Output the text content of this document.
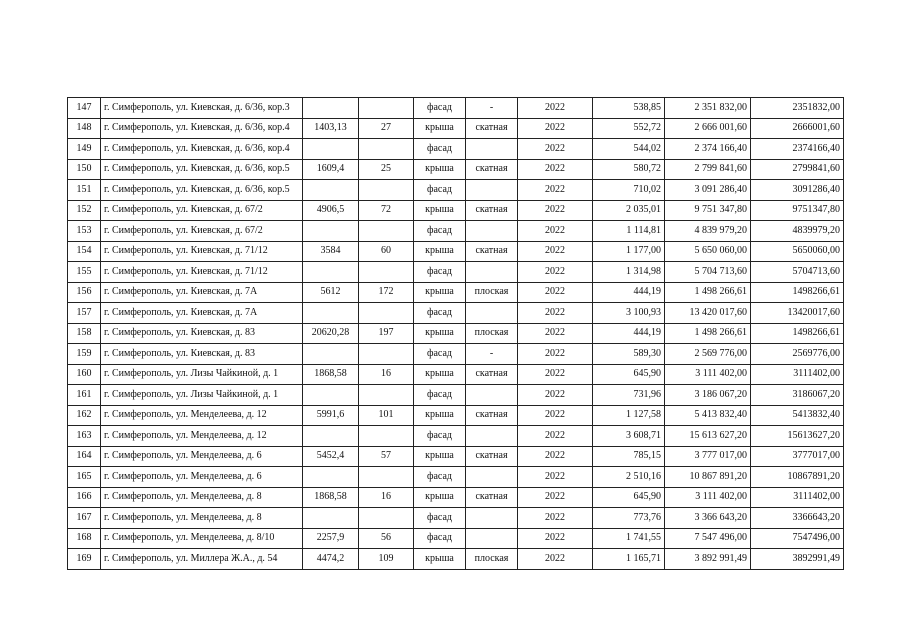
147	г. Симферополь, ул. Киевская, д. 6/36, кор.3			фасад	-	2022	538,85	2 351 832,00	2351832,00
148	г. Симферополь, ул. Киевская, д. 6/36, кор.4	1403,13	27	крыша	скатная	2022	552,72	2 666 001,60	2666001,60
149	г. Симферополь, ул. Киевская, д. 6/36, кор.4			фасад		2022	544,02	2 374 166,40	2374166,40
150	г. Симферополь, ул. Киевская, д. 6/36, кор.5	1609,4	25	крыша	скатная	2022	580,72	2 799 841,60	2799841,60
151	г. Симферополь, ул. Киевская, д. 6/36, кор.5			фасад		2022	710,02	3 091 286,40	3091286,40
152	г. Симферополь, ул. Киевская, д. 67/2	4906,5	72	крыша	скатная	2022	2 035,01	9 751 347,80	9751347,80
153	г. Симферополь, ул. Киевская, д. 67/2			фасад		2022	1 114,81	4 839 979,20	4839979,20
154	г. Симферополь, ул. Киевская, д. 71/12	3584	60	крыша	скатная	2022	1 177,00	5 650 060,00	5650060,00
155	г. Симферополь, ул. Киевская, д. 71/12			фасад		2022	1 314,98	5 704 713,60	5704713,60
156	г. Симферополь, ул. Киевская, д. 7А	5612	172	крыша	плоская	2022	444,19	1 498 266,61	1498266,61
157	г. Симферополь, ул. Киевская, д. 7А			фасад		2022	3 100,93	13 420 017,60	13420017,60
158	г. Симферополь, ул. Киевская, д. 83	20620,28	197	крыша	плоская	2022	444,19	1 498 266,61	1498266,61
159	г. Симферополь, ул. Киевская, д. 83			фасад	-	2022	589,30	2 569 776,00	2569776,00
160	г. Симферополь, ул. Лизы Чайкиной, д. 1	1868,58	16	крыша	скатная	2022	645,90	3 111 402,00	3111402,00
161	г. Симферополь, ул. Лизы Чайкиной, д. 1			фасад		2022	731,96	3 186 067,20	3186067,20
162	г. Симферополь, ул. Менделеева, д. 12	5991,6	101	крыша	скатная	2022	1 127,58	5 413 832,40	5413832,40
163	г. Симферополь, ул. Менделеева, д. 12			фасад		2022	3 608,71	15 613 627,20	15613627,20
164	г. Симферополь, ул. Менделеева, д. 6	5452,4	57	крыша	скатная	2022	785,15	3 777 017,00	3777017,00
165	г. Симферополь, ул. Менделеева, д. 6			фасад		2022	2 510,16	10 867 891,20	10867891,20
166	г. Симферополь, ул. Менделеева, д. 8	1868,58	16	крыша	скатная	2022	645,90	3 111 402,00	3111402,00
167	г. Симферополь, ул. Менделеева, д. 8			фасад		2022	773,76	3 366 643,20	3366643,20
168	г. Симферополь, ул. Менделеева, д. 8/10	2257,9	56	фасад		2022	1 741,55	7 547 496,00	7547496,00
169	г. Симферополь, ул. Миллера Ж.А., д. 54	4474,2	109	крыша	плоская	2022	1 165,71	3 892 991,49	3892991,49
